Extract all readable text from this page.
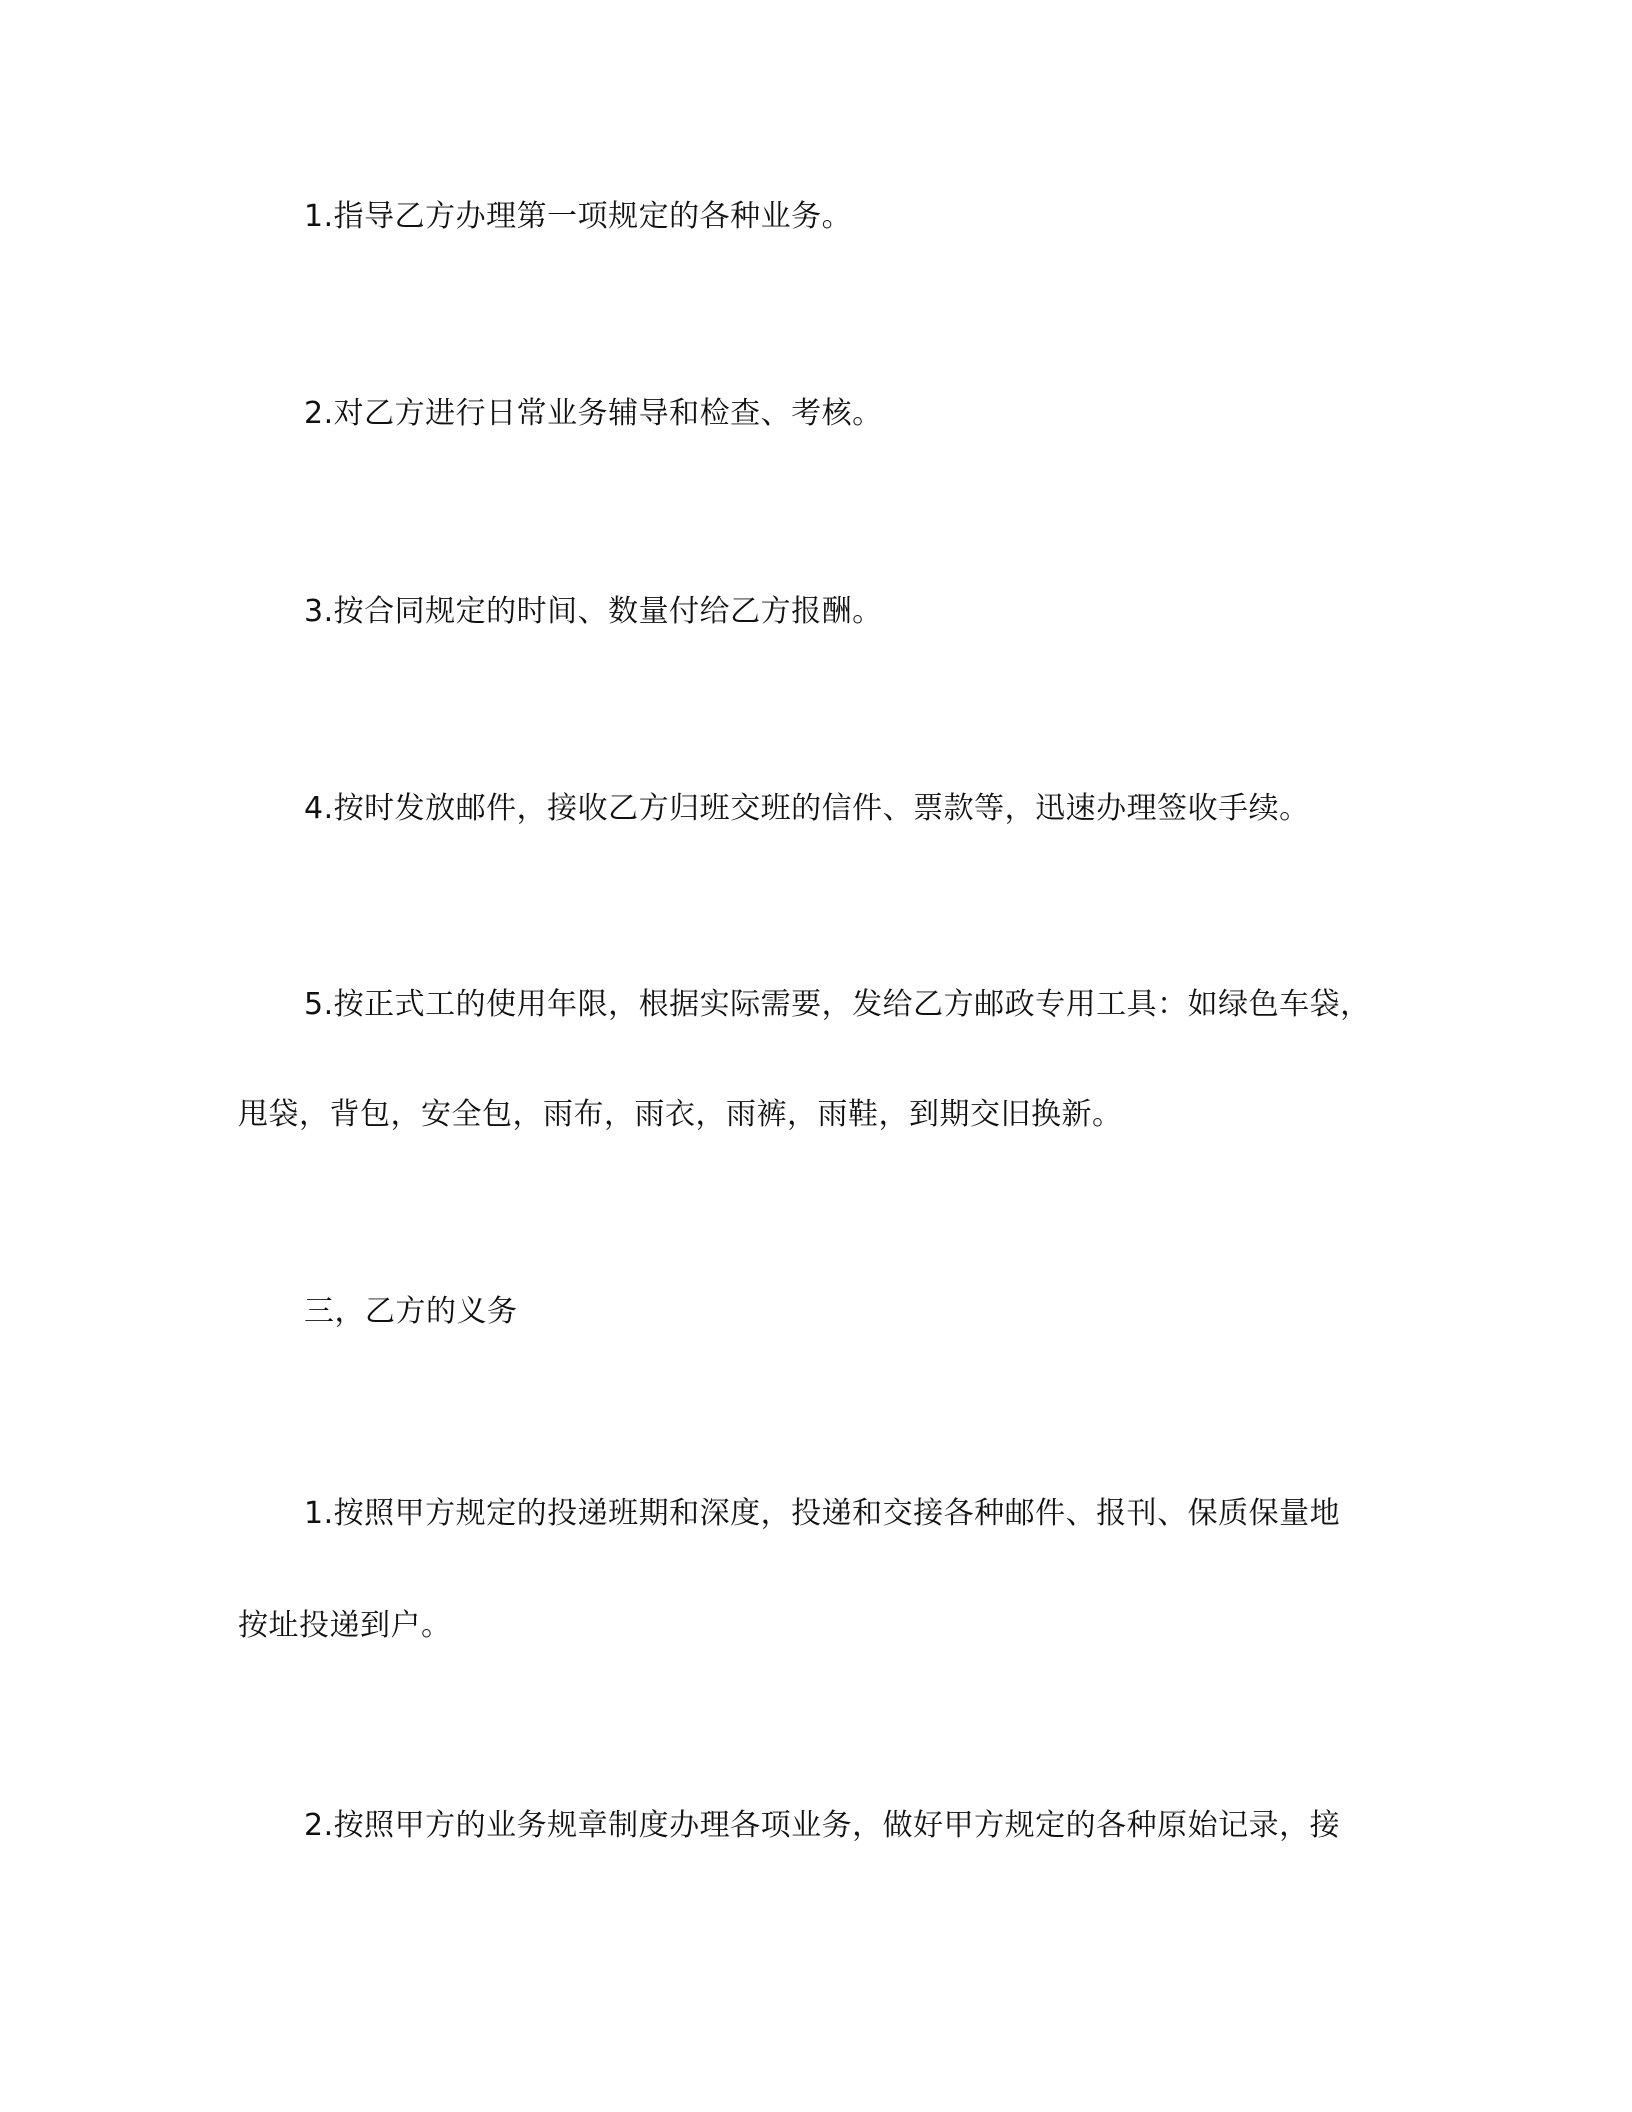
1.指导乙方办理第一项规定的各种业务。
2.对乙方进行日常业务辅导和检查、考核。
3.按合同规定的时间、数量付给乙方报酬。
4.按时发放邮件，接收乙方归班交班的信件、票款等，迅速办理签收手续。
5.按正式工的使用年限，根据实际需要，发给乙方邮政专用工具：如绿色车袋，
甩袋，背包，安全包，雨布，雨衣，雨裤，雨鞋，到期交旧换新。
三，乙方的义务
1.按照甲方规定的投递班期和深度，投递和交接各种邮件、报刊、保质保量地
按址投递到户。
2.按照甲方的业务规章制度办理各项业务，做好甲方规定的各种原始记录，接
